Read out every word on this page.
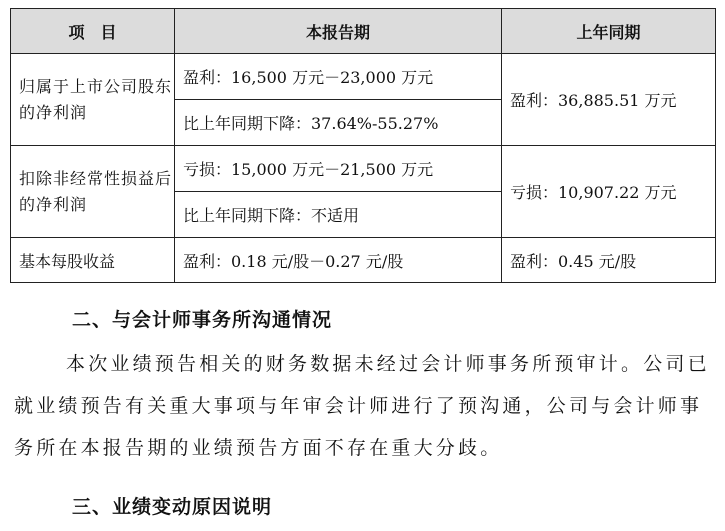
项　目	本报告期	上年同期
归属于上市公司股东的净利润	盈利：16,500 万元－23,000 万元	盈利：36,885.51 万元
	比上年同期下降：37.64%-55.27%	
扣除非经常性损益后的净利润	亏损：15,000 万元－21,500 万元	亏损：10,907.22 万元
	比上年同期下降：不适用	
基本每股收益	盈利：0.18 元/股－0.27 元/股	盈利：0.45 元/股
二、与会计师事务所沟通情况

本次业绩预告相关的财务数据未经过会计师事务所预审计。公司已就业绩预告有关重大事项与年审会计师进行了预沟通，公司与会计师事务所在本报告期的业绩预告方面不存在重大分歧。

三、业绩变动原因说明
